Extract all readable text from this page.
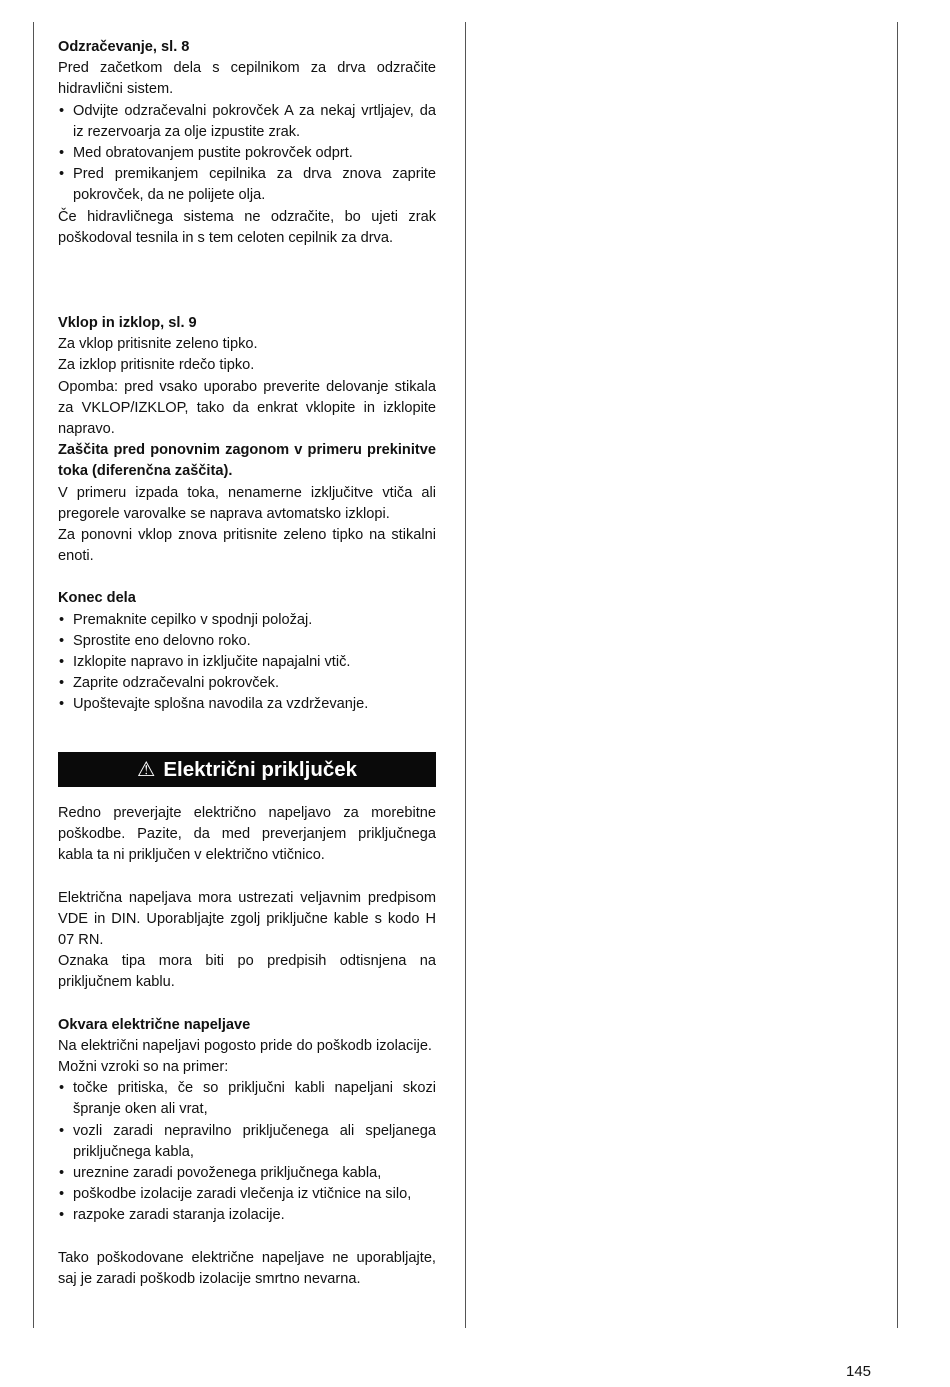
Odzračevanje, sl. 8

Pred začetkom dela s cepilnikom za drva odzračite hidravlični sistem.

• Odvijte odzračevalni pokrovček A za nekaj vrtljajev, da iz rezervoarja za olje izpustite zrak.
• Med obratovanjem pustite pokrovček odprt.
• Pred premikanjem cepilnika za drva znova zaprite pokrovček, da ne polijete olja.

Če hidravličnega sistema ne odzračite, bo ujeti zrak poškodoval tesnila in s tem celoten cepilnik za drva.

Vklop in izklop, sl. 9

Za vklop pritisnite zeleno tipko.

Za izklop pritisnite rdečo tipko.

Opomba: pred vsako uporabo preverite delovanje stikala za VKLOP/IZKLOP, tako da enkrat vklopite in izklopite napravo.

Zaščita pred ponovnim zagonom v primeru prekinitve toka (diferenčna zaščita).

V primeru izpada toka, nenamerne izključitve vtiča ali pregorele varovalke se naprava avtomatsko izklopi.

Za ponovni vklop znova pritisnite zeleno tipko na stikalni enoti.

Konec dela

• Premaknite cepilko v spodnji položaj.
• Sprostite eno delovno roko.
• Izklopite napravo in izključite napajalni vtič.
• Zaprite odzračevalni pokrovček.
• Upoštevajte splošna navodila za vzdrževanje.
⚠ Električni priključek

Redno preverjajte električno napeljavo za morebitne poškodbe. Pazite, da med preverjanjem priključnega kabla ta ni priključen v električno vtičnico.

Električna napeljava mora ustrezati veljavnim predpisom VDE in DIN. Uporabljajte zgolj priključne kable s kodo H 07 RN.

Oznaka tipa mora biti po predpisih odtisnjena na priključnem kablu.

Okvara električne napeljave

Na električni napeljavi pogosto pride do poškodb izolacije.

Možni vzroki so na primer:

• točke pritiska, če so priključni kabli napeljani skozi špranje oken ali vrat,
• vozli zaradi nepravilno priključenega ali speljanega priključnega kabla,
• ureznine zaradi povoženega priključnega kabla,
• poškodbe izolacije zaradi vlečenja iz vtičnice na silo,
• razpoke zaradi staranja izolacije.

Tako poškodovane električne napeljave ne uporabljajte, saj je zaradi poškodb izolacije smrtno nevarna.

145
